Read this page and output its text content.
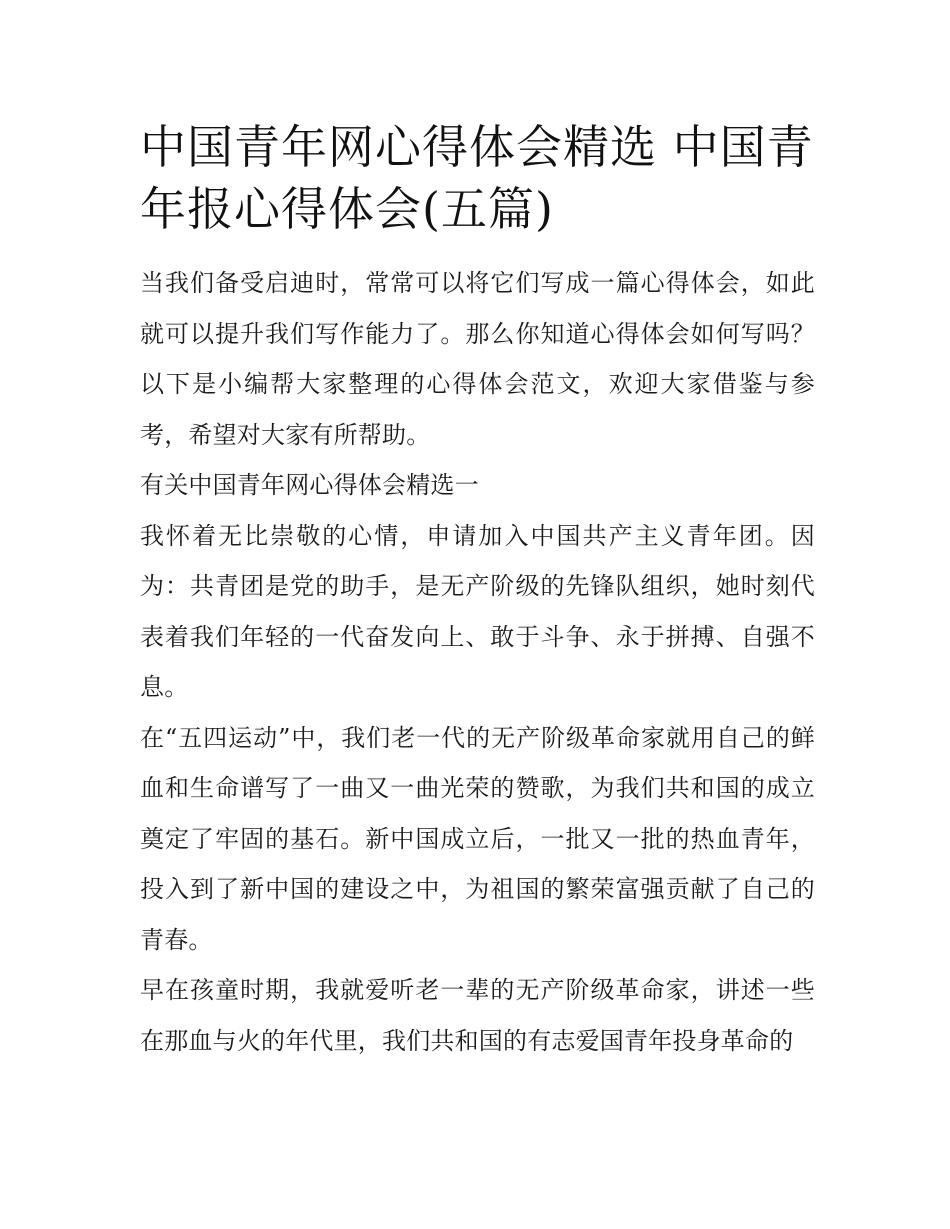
中国青年网心得体会精选 中国青年报心得体会(五篇)

当我们备受启迪时，常常可以将它们写成一篇心得体会，如此就可以提升我们写作能力了。那么你知道心得体会如何写吗？以下是小编帮大家整理的心得体会范文，欢迎大家借鉴与参考，希望对大家有所帮助。

有关中国青年网心得体会精选一

我怀着无比崇敬的心情，申请加入中国共产主义青年团。因为：共青团是党的助手，是无产阶级的先锋队组织，她时刻代表着我们年轻的一代奋发向上、敢于斗争、永于拼搏、自强不息。

在“五四运动”中，我们老一代的无产阶级革命家就用自己的鲜血和生命谱写了一曲又一曲光荣的赞歌，为我们共和国的成立奠定了牢固的基石。新中国成立后，一批又一批的热血青年，投入到了新中国的建设之中，为祖国的繁荣富强贡献了自己的青春。

早在孩童时期，我就爱听老一辈的无产阶级革命家，讲述一些在那血与火的年代里，我们共和国的有志爱国青年投身革命的
